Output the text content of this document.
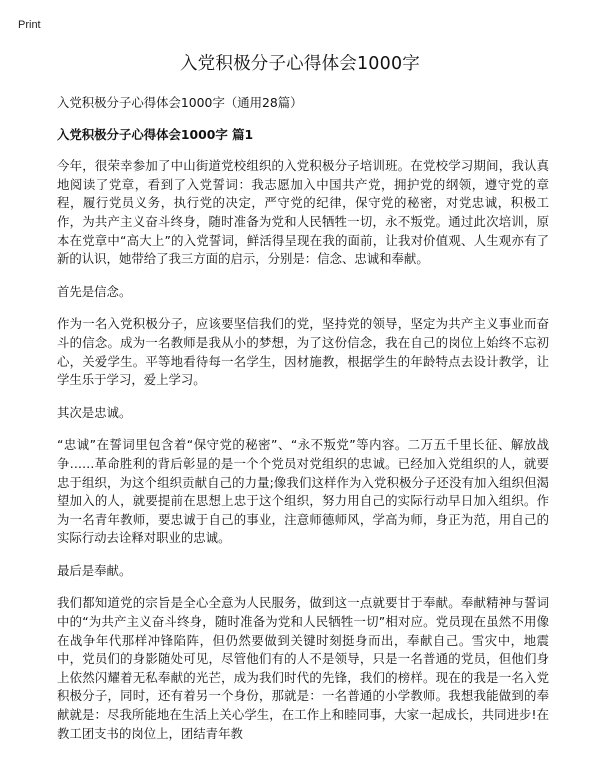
Print
入党积极分子心得体会1000字

入党积极分子心得体会1000字（通用28篇）

入党积极分子心得体会1000字 篇1

今年，很荣幸参加了中山街道党校组织的入党积极分子培训班。在党校学习期间，我认真地阅读了党章，看到了入党誓词：我志愿加入中国共产党，拥护党的纲领，遵守党的章程，履行党员义务，执行党的决定，严守党的纪律，保守党的秘密，对党忠诚，积极工作，为共产主义奋斗终身，随时准备为党和人民牺牲一切，永不叛党。通过此次培训，原本在党章中“高大上”的入党誓词，鲜活得呈现在我的面前，让我对价值观、人生观亦有了新的认识，她带给了我三方面的启示，分别是：信念、忠诚和奉献。

首先是信念。

作为一名入党积极分子，应该要坚信我们的党，坚持党的领导，坚定为共产主义事业而奋斗的信念。成为一名教师是我从小的梦想，为了这份信念，我在自己的岗位上始终不忘初心，关爱学生。平等地看待每一名学生，因材施教，根据学生的年龄特点去设计教学，让学生乐于学习，爱上学习。

其次是忠诚。

“忠诚”在誓词里包含着“保守党的秘密”、“永不叛党”等内容。二万五千里长征、解放战争……革命胜利的背后彰显的是一个个党员对党组织的忠诚。已经加入党组织的人，就要忠于组织，为这个组织贡献自己的力量;像我们这样作为入党积极分子还没有加入组织但渴望加入的人，就要提前在思想上忠于这个组织，努力用自己的实际行动早日加入组织。作为一名青年教师，要忠诚于自己的事业，注意师德师风，学高为师，身正为范，用自己的实际行动去诠释对职业的忠诚。

最后是奉献。

我们都知道党的宗旨是全心全意为人民服务，做到这一点就要甘于奉献。奉献精神与誓词中的“为共产主义奋斗终身，随时准备为党和人民牺牲一切”相对应。党员现在虽然不用像在战争年代那样冲锋陷阵，但仍然要做到关键时刻挺身而出，奉献自己。雪灾中，地震中，党员们的身影随处可见，尽管他们有的人不是领导，只是一名普通的党员，但他们身上依然闪耀着无私奉献的光芒，成为我们时代的先锋，我们的榜样。现在的我是一名入党积极分子，同时，还有着另一个身份，那就是：一名普通的小学教师。我想我能做到的奉献就是：尽我所能地在生活上关心学生，在工作上和睦同事，大家一起成长，共同进步!在教工团支书的岗位上，团结青年教
